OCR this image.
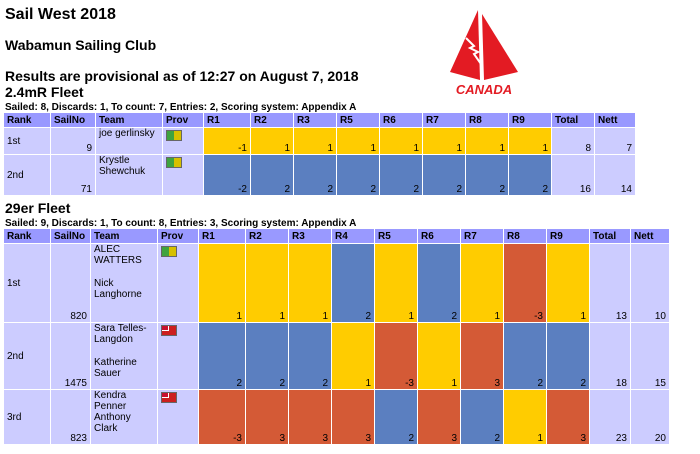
Sail West 2018
Wabamun Sailing Club
Results are provisional as of 12:27 on August 7, 2018
CANADA
2.4mR Fleet
Sailed: 8, Discards: 1, To count: 7, Entries: 2, Scoring system: Appendix A
Rank	SailNo	Team	Prov	R1	R2	R3	R5	R6	R7	R8	R9	Total	Nett
1st	9	joe gerlinsky		-1	1	1	1	1	1	1	1	8	7
2nd	71	Krystle
Shewchuk		-2	2	2	2	2	2	2	2	16	14
29er Fleet
Sailed: 9, Discards: 1, To count: 8, Entries: 3, Scoring system: Appendix A
Rank	SailNo	Team	Prov	R1	R2	R3	R4	R5	R6	R7	R8	R9	Total	Nett
1st	820	ALEC
WATTERS
Nick
Langhorne		1	1	1	2	1	2	1	-3	1	13	10
2nd	1475	Sara Telles-
Langdon
Katherine
Sauer		2	2	2	1	-3	1	3	2	2	18	15
3rd	823	Kendra
Penner
Anthony Clark		-3	3	3	3	2	3	2	1	3	23	20
